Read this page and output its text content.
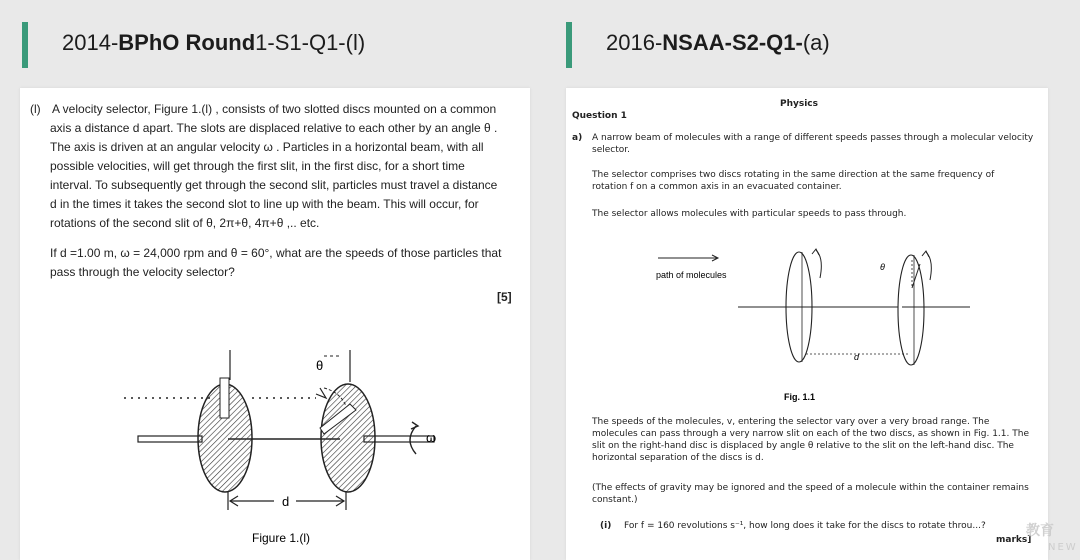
2014-BPhO Round1-S1-Q1-(l)	2016-NSAA-S2-Q1-(a)
(l) A velocity selector, Figure 1.(l) , consists of two slotted discs mounted on a common
axis a distance d apart. The slots are displaced relative to each other by an angle θ .
The axis is driven at an angular velocity ω . Particles in a horizontal beam, with all
possible velocities, will get through the first slit, in the first disc, for a short time
interval. To subsequently get through the second slit, particles must travel a distance
d in the times it takes the second slot to line up with the beam. This will occur, for
rotations of the second slit of θ, 2π+θ, 4π+θ ,.. etc.
If d =1.00 m, ω = 24,000 rpm and θ = 60°, what are the speeds of those particles that
pass through the velocity selector?
[5]
θ
ω
d
Figure 1.(l)
Physics
Question 1
a) A narrow beam of molecules with a range of different speeds passes through a molecular velocity
selector.
The selector comprises two discs rotating in the same direction at the same frequency of
rotation f on a common axis in an evacuated container.
The selector allows molecules with particular speeds to pass through.
path of molecules
θ
d
Fig. 1.1
The speeds of the molecules, v, entering the selector vary over a very broad range. The
molecules can pass through a very narrow slit on each of the two discs, as shown in Fig. 1.1. The
slit on the right-hand disc is displaced by angle θ relative to the slit on the left-hand disc. The
horizontal separation of the discs is d.
(The effects of gravity may be ignored and the speed of a molecule within the container remains
constant.)
(i) For f = 160 revolutions s⁻¹, how long does it take for the discs to rotate throu...?
marks]
教育
NEW
